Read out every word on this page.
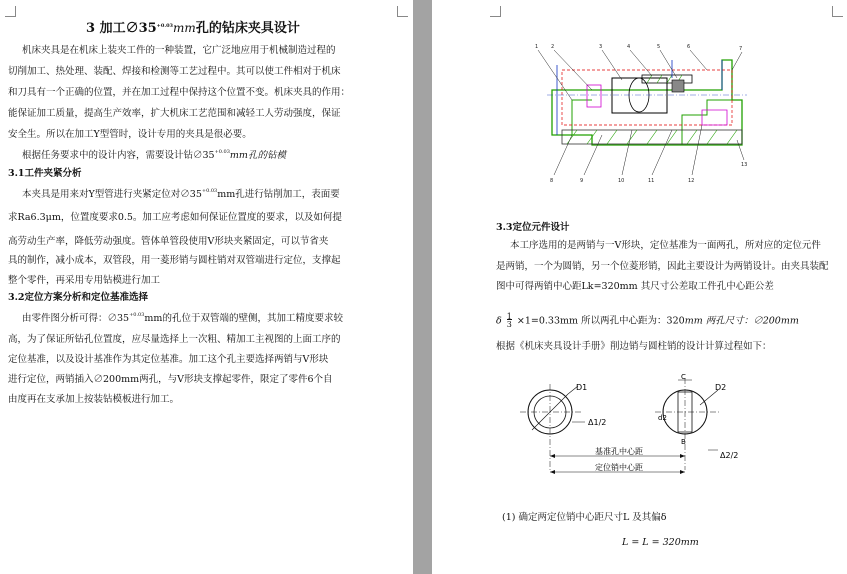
3 加工$\emptyset 35^{+0.03}mm$孔的钻床夹具设计
机床夹具是在机床上装夹工件的一种装置，它广泛地应用于机械制造过程的
切削加工、热处理、装配、焊接和检测等工艺过程中。其可以使工件相对于机床
和刀具有一个正确的位置，并在加工过程中保持这个位置不变。机床夹具的作用：
能保证加工质量，提高生产效率，扩大机床工艺范围和减轻工人劳动强度，保证
安全生。所以在加工Y型管时，设计专用的夹具是很必要。
根据任务要求中的设计内容，需要设计钻$\emptyset 35^{+0.03}mm$孔的钻模
3.1工件夹紧分析
本夹具是用来对Y型管进行夹紧定位对$\emptyset 35^{+0.03}mm$孔进行钻削加工，表面要
求Ra6.3μm，位置度要求0.5。加工应考虑如何保证位置度的要求，以及如何提
高劳动生产率，降低劳动强度。管体单管段使用V形块夹紧固定，可以节省夹
具的制作，减小成本，双管段，用一菱形销与圆柱销对双管端进行定位，支撑起
整个零件，再采用专用钻模进行加工
3.2定位方案分析和定位基准选择
由零件图分析可得：$\emptyset 35^{+0.03}mm$的孔位于双管端的壁侧，其加工精度要求较
高，为了保证所钻孔位置度，应尽量选择上一次粗、精加工主视图的上面工序的
定位基准，以及设计基准作为其定位基准。加工这个孔主要选择两销与V形块
进行定位，两销插入∅200mm两孔，与V形块支撑起零件，限定了零件6个自
由度再在支承加上按装钻模板进行加工。
1	2	3	4	5	6	7
8	9	10	11	12
13
3.3定位元件设计
本工序选用的是两销与一V形块，定位基准为一面两孔，所对应的定位元件
是两销，一个为圆销，另一个位菱形销，因此主要设计为两销设计。由夹具装配
图中可得两销中心距Lk=320mm 其尺寸公差取工件孔中心距公差
δ $\frac{1}{3} \times 1=0.33mm$ 所以两孔中心距为：320mm 两孔尺寸：∅200mm
根据《机床夹具设计手册》削边销与圆柱销的设计计算过程如下：
D1
Δ1/2
C
D2
d2
B
Δ2/2
基准孔中心距
定位销中心距
(1) 确定两定位销中心距尺寸L 及其偏δ
L = L = 320mm
